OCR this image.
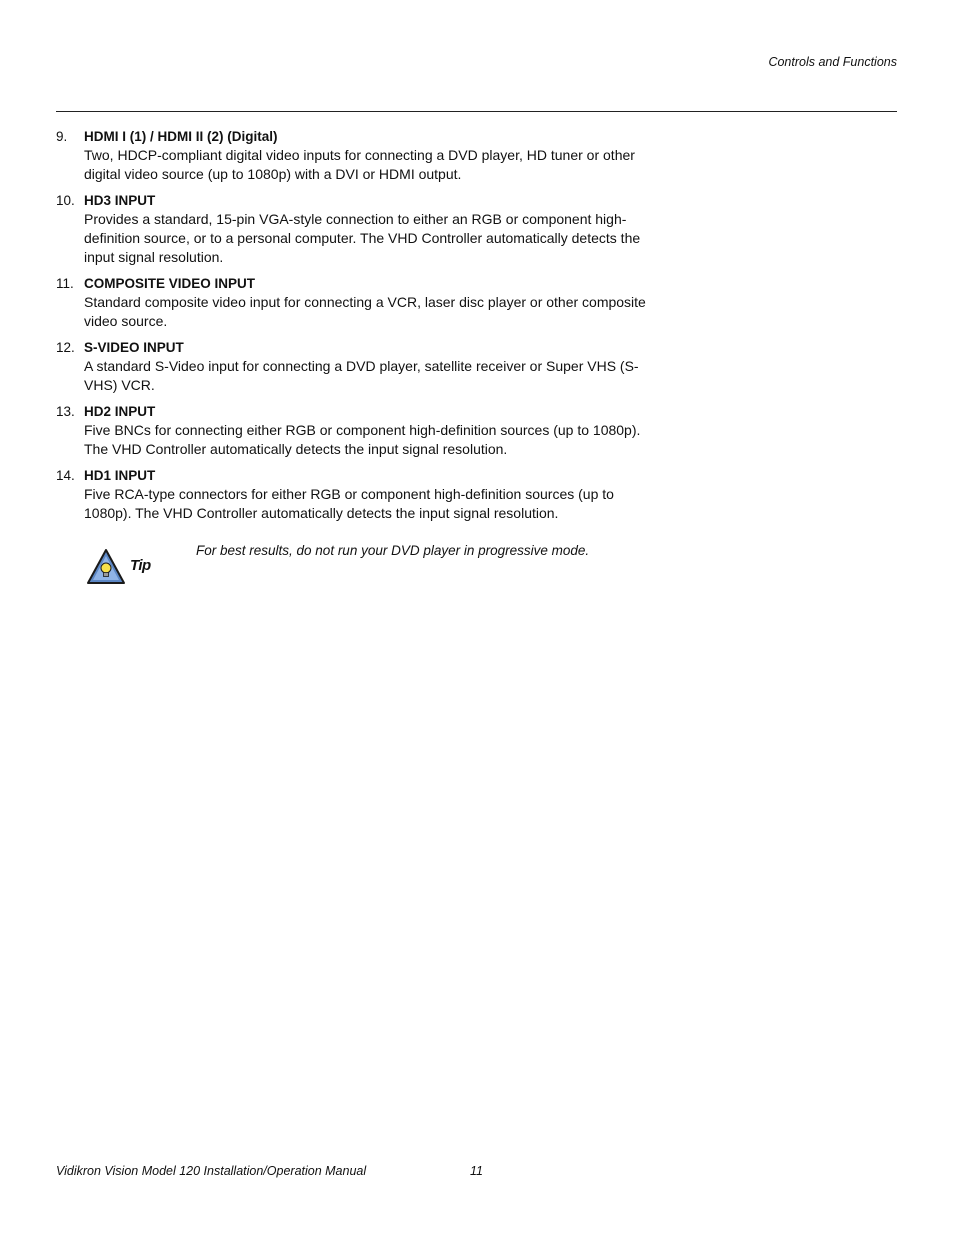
Controls and Functions
9. HDMI I (1) / HDMI II (2) (Digital)
Two, HDCP-compliant digital video inputs for connecting a DVD player, HD tuner or other digital video source (up to 1080p) with a DVI or HDMI output.
10. HD3 INPUT
Provides a standard, 15-pin VGA-style connection to either an RGB or component high-definition source, or to a personal computer. The VHD Controller automatically detects the input signal resolution.
11. COMPOSITE VIDEO INPUT
Standard composite video input for connecting a VCR, laser disc player or other composite video source.
12. S-VIDEO INPUT
A standard S-Video input for connecting a DVD player, satellite receiver or Super VHS (S-VHS) VCR.
13. HD2 INPUT
Five BNCs for connecting either RGB or component high-definition sources (up to 1080p). The VHD Controller automatically detects the input signal resolution.
14. HD1 INPUT
Five RCA-type connectors for either RGB or component high-definition sources (up to 1080p). The VHD Controller automatically detects the input signal resolution.
Tip
For best results, do not run your DVD player in progressive mode.
Vidikron Vision Model 120 Installation/Operation Manual	11
